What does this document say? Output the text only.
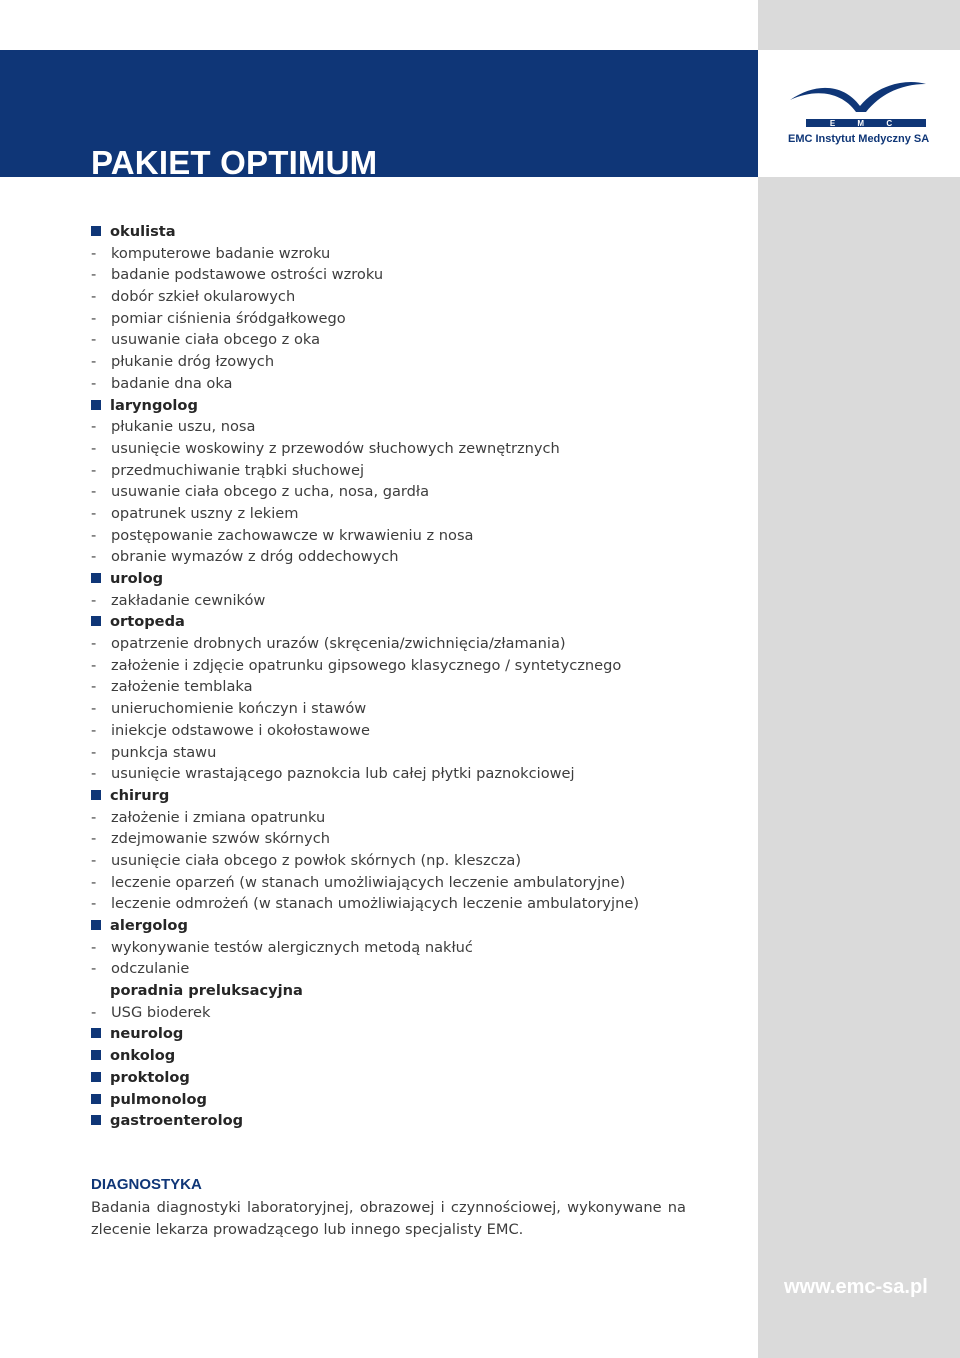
PAKIET OPTIMUM
E M C
EMC Instytut Medyczny SA
okulista
- komputerowe badanie wzroku
- badanie podstawowe ostrości wzroku
- dobór szkieł okularowych
- pomiar ciśnienia śródgałkowego
- usuwanie ciała obcego z oka
- płukanie dróg łzowych
- badanie dna oka
laryngolog
- płukanie uszu, nosa
- usunięcie woskowiny z przewodów słuchowych zewnętrznych
- przedmuchiwanie trąbki słuchowej
- usuwanie ciała obcego z ucha, nosa, gardła
- opatrunek uszny z lekiem
- postępowanie zachowawcze w krwawieniu z nosa
- obranie wymazów z dróg oddechowych
urolog
- zakładanie cewników
ortopeda
- opatrzenie drobnych urazów (skręcenia/zwichnięcia/złamania)
- założenie i zdjęcie opatrunku gipsowego klasycznego / syntetycznego
- założenie temblaka
- unieruchomienie kończyn i stawów
- iniekcje odstawowe i okołostawowe
- punkcja stawu
- usunięcie wrastającego paznokcia lub całej płytki paznokciowej
chirurg
- założenie i zmiana opatrunku
- zdejmowanie szwów skórnych
- usunięcie ciała obcego z powłok skórnych (np. kleszcza)
- leczenie oparzeń (w stanach umożliwiających leczenie ambulatoryjne)
- leczenie odmrożeń (w stanach umożliwiających leczenie ambulatoryjne)
alergolog
- wykonywanie testów alergicznych metodą nakłuć
- odczulanie
poradnia preluksacyjna
- USG bioderek
neurolog
onkolog
proktolog
pulmonolog
gastroenterolog
DIAGNOSTYKA

Badania diagnostyki laboratoryjnej, obrazowej i czynnościowej, wykonywane na zlecenie lekarza prowadzącego lub innego specjalisty EMC.

www.emc-sa.pl
